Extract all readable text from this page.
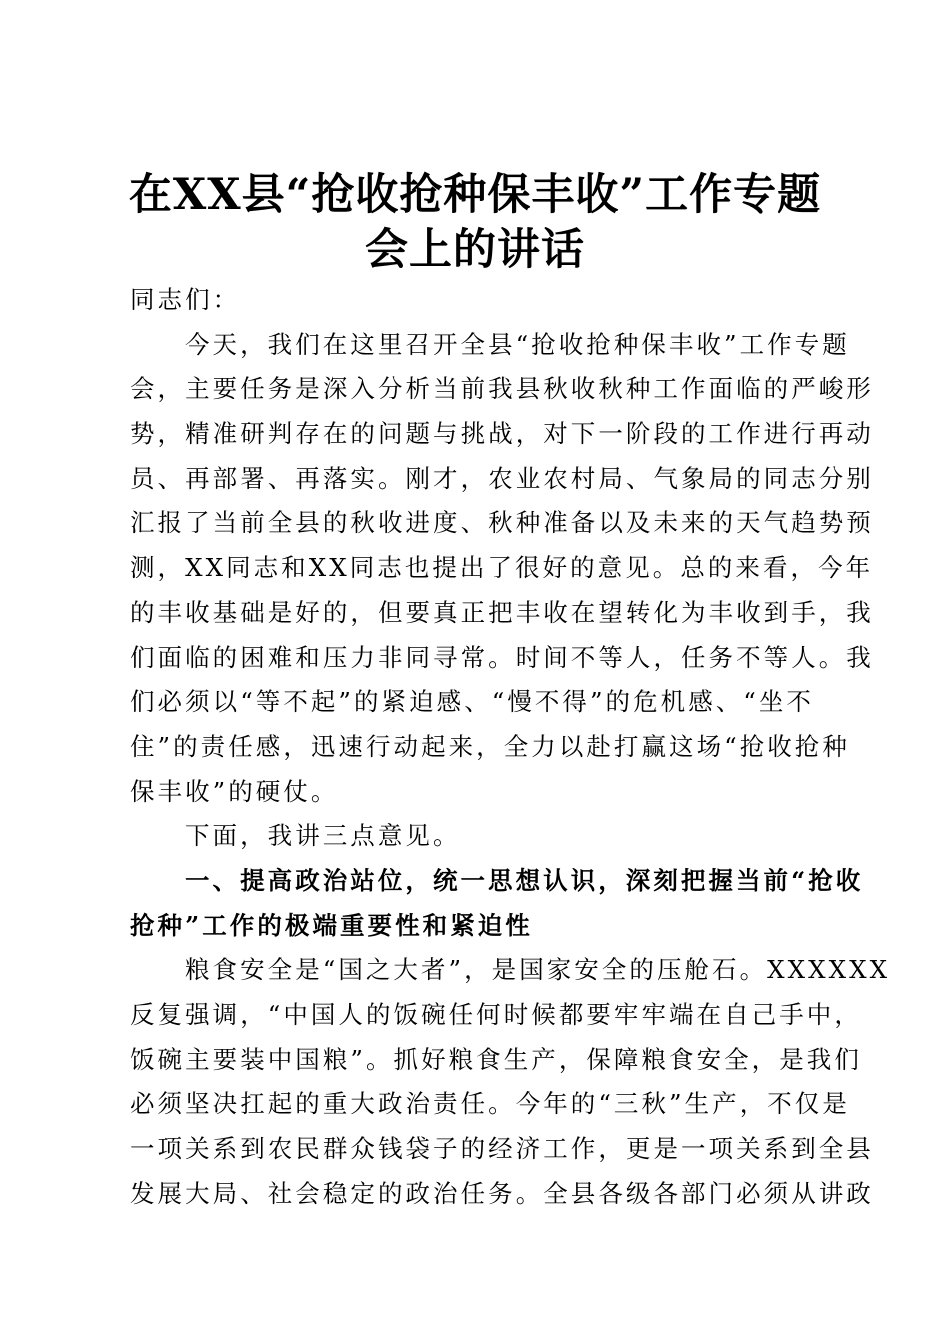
在XX县“抢收抢种保丰收”工作专题
会上的讲话
同志们：
今天，我们在这里召开全县“抢收抢种保丰收”工作专题
会，主要任务是深入分析当前我县秋收秋种工作面临的严峻形
势，精准研判存在的问题与挑战，对下一阶段的工作进行再动
员、再部署、再落实。刚才，农业农村局、气象局的同志分别
汇报了当前全县的秋收进度、秋种准备以及未来的天气趋势预
测，XX同志和XX同志也提出了很好的意见。总的来看，今年
的丰收基础是好的，但要真正把丰收在望转化为丰收到手，我
们面临的困难和压力非同寻常。时间不等人，任务不等人。我
们必须以“等不起”的紧迫感、“慢不得”的危机感、“坐不
住”的责任感，迅速行动起来，全力以赴打赢这场“抢收抢种
保丰收”的硬仗。
下面，我讲三点意见。
一、提高政治站位，统一思想认识，深刻把握当前“抢收
抢种”工作的极端重要性和紧迫性
粮食安全是“国之大者”，是国家安全的压舱石。XXXXXX
反复强调，“中国人的饭碗任何时候都要牢牢端在自己手中，
饭碗主要装中国粮”。抓好粮食生产，保障粮食安全，是我们
必须坚决扛起的重大政治责任。今年的“三秋”生产，不仅是
一项关系到农民群众钱袋子的经济工作，更是一项关系到全县
发展大局、社会稳定的政治任务。全县各级各部门必须从讲政
